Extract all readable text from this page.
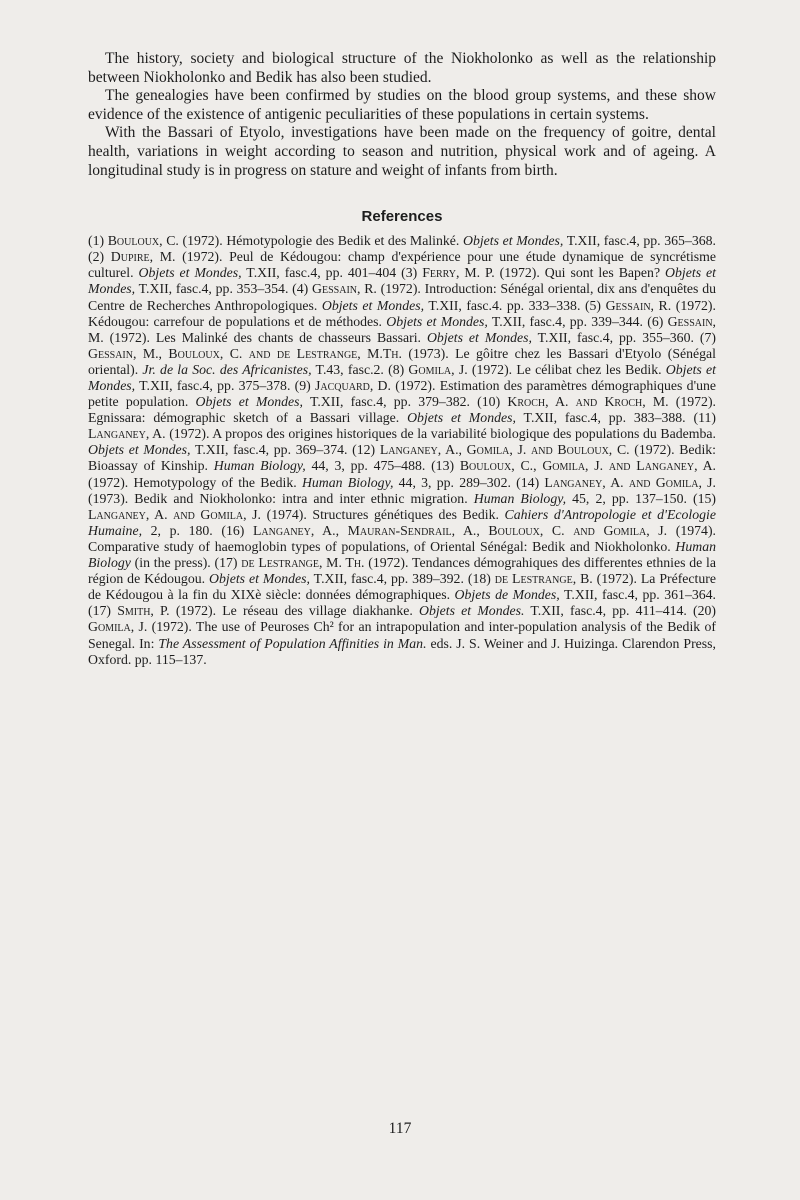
The history, society and biological structure of the Niokholonko as well as the relationship between Niokholonko and Bedik has also been studied.

The genealogies have been confirmed by studies on the blood group systems, and these show evidence of the existence of antigenic peculiarities of these populations in certain systems.

With the Bassari of Etyolo, investigations have been made on the frequency of goitre, dental health, variations in weight according to season and nutrition, physical work and of ageing. A longitudinal study is in progress on stature and weight of infants from birth.

References
(1) Bouloux, C. (1972). Hémotypologie des Bedik et des Malinké. Objets et Mondes, T.XII, fasc.4, pp. 365–368. (2) Dupire, M. (1972). Peul de Kédougou: champ d'expérience pour une étude dynamique de syncrétisme culturel. Objets et Mondes, T.XII, fasc.4, pp. 401–404 (3) Ferry, M. P. (1972). Qui sont les Bapen? Objets et Mondes, T.XII, fasc.4, pp. 353–354. (4) Gessain, R. (1972). Introduction: Sénégal oriental, dix ans d'enquêtes du Centre de Recherches Anthropologiques. Objets et Mondes, T.XII, fasc.4. pp. 333–338. (5) Gessain, R. (1972). Kédougou: carrefour de populations et de méthodes. Objets et Mondes, T.XII, fasc.4, pp. 339–344. (6) Gessain, M. (1972). Les Malinké des chants de chasseurs Bassari. Objets et Mondes, T.XII, fasc.4, pp. 355–360. (7) Gessain, M., Bouloux, C. and de Lestrange, M.Th. (1973). Le gôitre chez les Bassari d'Etyolo (Sénégal oriental). Jr. de la Soc. des Africanistes, T.43, fasc.2. (8) Gomila, J. (1972). Le célibat chez les Bedik. Objets et Mondes, T.XII, fasc.4, pp. 375–378. (9) Jacquard, D. (1972). Estimation des paramètres démographiques d'une petite population. Objets et Mondes, T.XII, fasc.4, pp. 379–382. (10) Kroch, A. and Kroch, M. (1972). Egnissara: démographic sketch of a Bassari village. Objets et Mondes, T.XII, fasc.4, pp. 383–388. (11) Langaney, A. (1972). A propos des origines historiques de la variabilité biologique des populations du Bademba. Objets et Mondes, T.XII, fasc.4, pp. 369–374. (12) Langaney, A., Gomila, J. and Bouloux, C. (1972). Bedik: Bioassay of Kinship. Human Biology, 44, 3, pp. 475–488. (13) Bouloux, C., Gomila, J. and Langaney, A. (1972). Hemotypology of the Bedik. Human Biology, 44, 3, pp. 289–302. (14) Langaney, A. and Gomila, J. (1973). Bedik and Niokholonko: intra and inter ethnic migration. Human Biology, 45, 2, pp. 137–150. (15) Langaney, A. and Gomila, J. (1974). Structures génétiques des Bedik. Cahiers d'Antropologie et d'Ecologie Humaine, 2, p. 180. (16) Langaney, A., Mauran-Sendrail, A., Bouloux, C. and Gomila, J. (1974). Comparative study of haemoglobin types of populations, of Oriental Sénégal: Bedik and Niokholonko. Human Biology (in the press). (17) de Lestrange, M. Th. (1972). Tendances démograhiques des differentes ethnies de la région de Kédougou. Objets et Mondes, T.XII, fasc.4, pp. 389–392. (18) de Lestrange, B. (1972). La Préfecture de Kédougou à la fin du XIXè siècle: données démographiques. Objets de Mondes, T.XII, fasc.4, pp. 361–364. (17) Smith, P. (1972). Le réseau des village diakhanke. Objets et Mondes. T.XII, fasc.4, pp. 411–414. (20) Gomila, J. (1972). The use of Peuroses Ch² for an intrapopulation and inter-population analysis of the Bedik of Senegal. In: The Assessment of Population Affinities in Man. eds. J. S. Weiner and J. Huizinga. Clarendon Press, Oxford. pp. 115–137.
117
